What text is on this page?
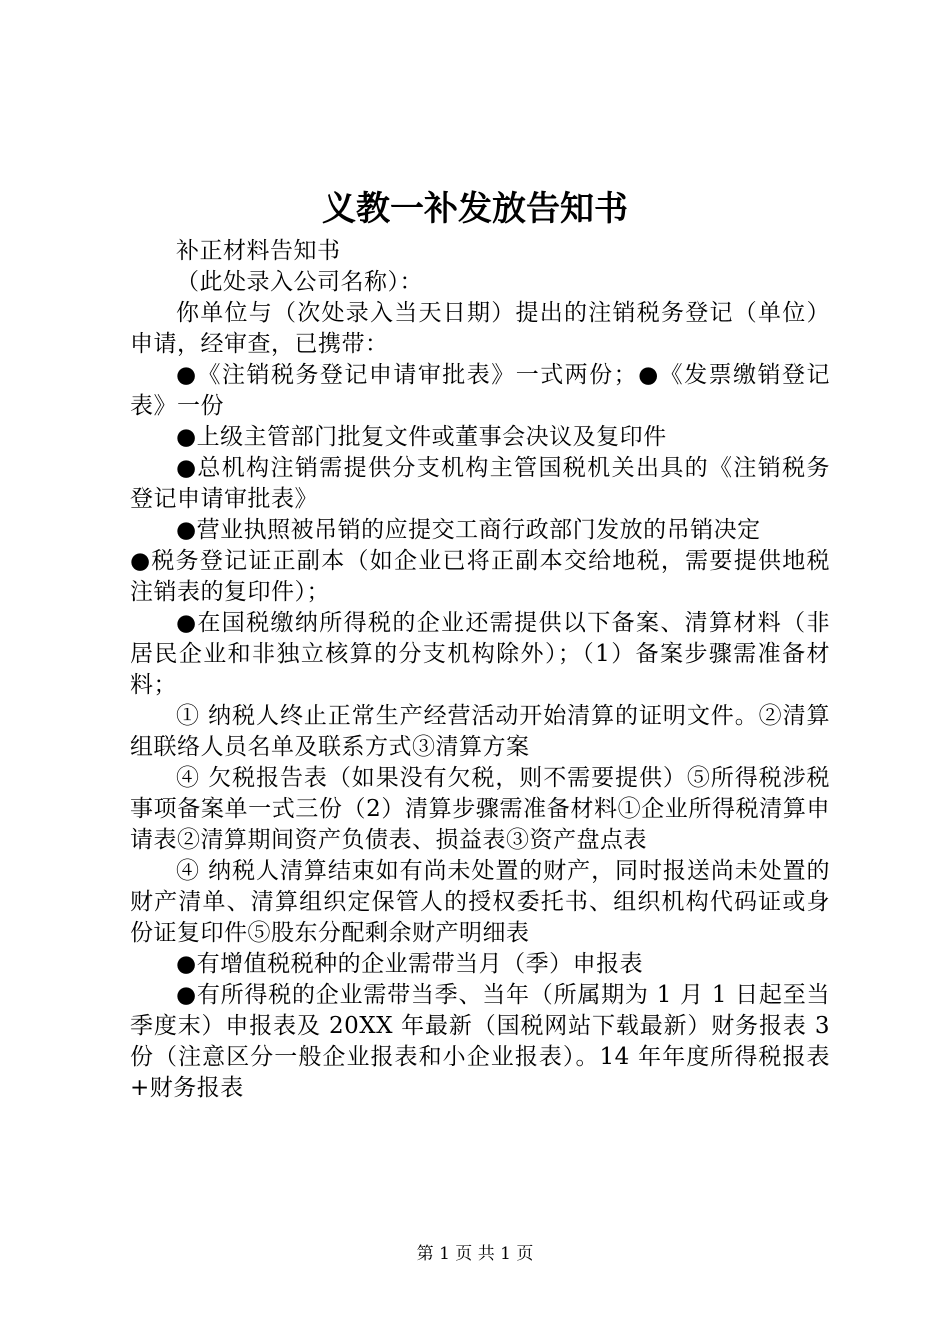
义教一补发放告知书

补正材料告知书

（此处录入公司名称）：

你单位与（次处录入当天日期）提出的注销税务登记（单位）申请，经审查，已携带：

●《注销税务登记申请审批表》一式两份；●《发票缴销登记表》一份

●上级主管部门批复文件或董事会决议及复印件

●总机构注销需提供分支机构主管国税机关出具的《注销税务登记申请审批表》

●营业执照被吊销的应提交工商行政部门发放的吊销决定

●税务登记证正副本（如企业已将正副本交给地税，需要提供地税注销表的复印件）；

●在国税缴纳所得税的企业还需提供以下备案、清算材料（非居民企业和非独立核算的分支机构除外）；（1）备案步骤需准备材料；

① 纳税人终止正常生产经营活动开始清算的证明文件。②清算组联络人员名单及联系方式③清算方案

④ 欠税报告表（如果没有欠税，则不需要提供）⑤所得税涉税事项备案单一式三份（2）清算步骤需准备材料①企业所得税清算申请表②清算期间资产负债表、损益表③资产盘点表

④ 纳税人清算结束如有尚未处置的财产，同时报送尚未处置的财产清单、清算组织定保管人的授权委托书、组织机构代码证或身份证复印件⑤股东分配剩余财产明细表

●有增值税税种的企业需带当月（季）申报表

●有所得税的企业需带当季、当年（所属期为 1 月 1 日起至当季度末）申报表及 20XX 年最新（国税网站下载最新）财务报表 3 份（注意区分一般企业报表和小企业报表）。14 年年度所得税报表+财务报表

第 1 页 共 1 页
